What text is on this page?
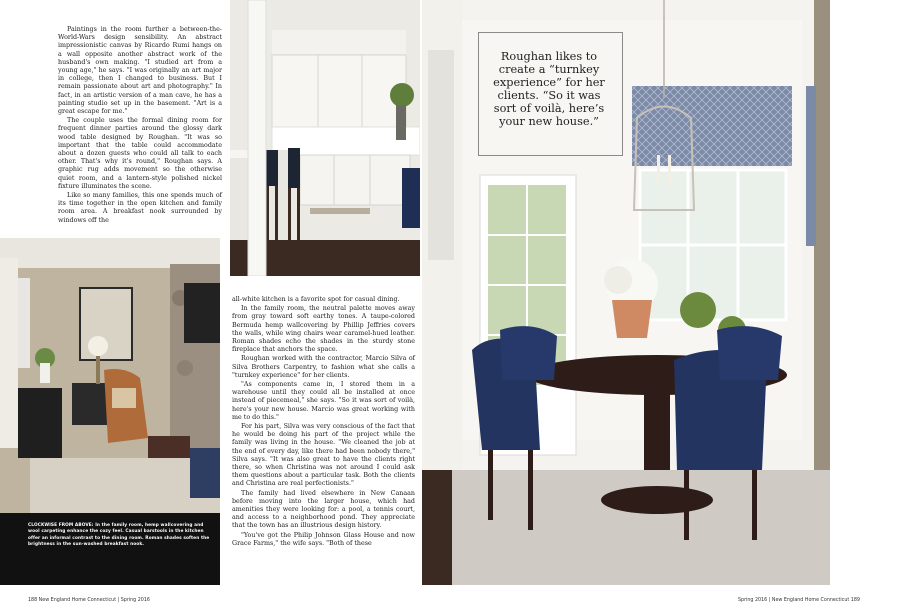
Roughan likes to create a “turnkey experience” for her clients. “So it was sort of voilà, here’s your new house.”

Paintings in the room further a between-the-World-Wars design sensibility. An abstract impressionistic canvas by Ricardo Rumi hangs on a wall opposite another abstract work of the husband's own making. "I studied art from a young age," he says. "I was originally an art major in college, then I changed to business. But I remain passionate about art and photography." In fact, in an artistic version of a man cave, he has a painting studio set up in the basement. "Art is a great escape for me."

The couple uses the formal dining room for frequent dinner parties around the glossy dark wood table designed by Roughan. "It was so important that the table could accommodate about a dozen guests who could all talk to each other. That's why it's round," Roughan says. A graphic rug adds movement so the otherwise quiet room, and a lantern-style polished nickel fixture illuminates the scene.

Like so many families, this one spends much of its time together in the open kitchen and family room area. A breakfast nook surrounded by windows off the

all-white kitchen is a favorite spot for casual dining.

In the family room, the neutral palette moves away from gray toward soft earthy tones. A taupe-colored Bermuda hemp wallcovering by Phillip Jeffries covers the walls, while wing chairs wear caramel-hued leather. Roman shades echo the shades in the sturdy stone fireplace that anchors the space.

Roughan worked with the contractor, Marcio Silva of Silva Brothers Carpentry, to fashion what she calls a "turnkey experience" for her clients.

"As components came in, I stored them in a warehouse until they could all be installed at once instead of piecemeal," she says. "So it was sort of voilà, here's your new house. Marcio was great working with me to do this."

For his part, Silva was very conscious of the fact that he would be doing his part of the project while the family was living in the house. "We cleaned the job at the end of every day, like there had been nobody there," Silva says. "It was also great to have the clients right there, so when Christina was not around I could ask them questions about a particular task. Both the clients and Christina are real perfectionists."

The family had lived elsewhere in New Canaan before moving into the larger house, which had amenities they were looking for: a pool, a tennis court, and access to a neighborhood pond. They appreciate that the town has an illustrious design history.

"You've got the Philip Johnson Glass House and now Grace Farms," the wife says. "Both of these

CLOCKWISE FROM ABOVE: In the family room, hemp wallcovering and wool carpeting enhance the cozy feel. Casual barstools in the kitchen offer an informal contrast to the dining room. Roman shades soften the brightness in the sun-washed breakfast nook.
188 New England Home Connecticut | Spring 2016	Spring 2016 | New England Home Connecticut 189
